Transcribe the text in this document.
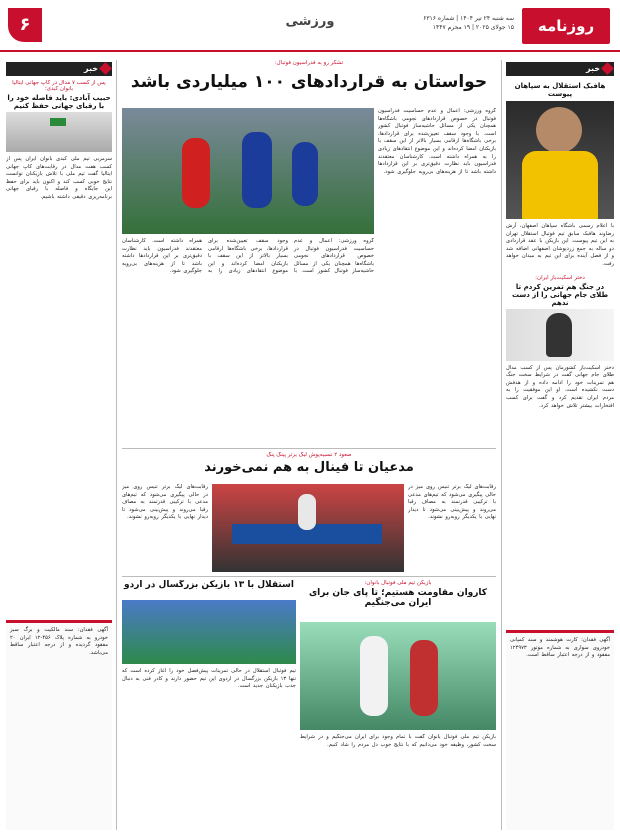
روزنامه
سه شنبه ۲۴ تیر ۱۴۰۴ | شماره ۶۳۱۶
۱۵ جولای ۲۰۲۵ | ۱۹ محرم ۱۴۴۷
ورزشی
۶
خبر
هافبک استقلال به سپاهان پیوست
با اعلام رسمی باشگاه سپاهان اصفهان، آرش رضاوند هافبک سابق تیم فوتبال استقلال تهران به این تیم پیوست. این بازیکن با عقد قراردادی دو ساله به جمع زردپوشان اصفهانی اضافه شد و از فصل آینده برای این تیم به میدان خواهد رفت.
دختر اسکیت‌باز ایران:
در جنگ هم تمرین کردم تا طلای جام جهانی را از دست ندهم
دختر اسکیت‌باز کشورمان پس از کسب مدال طلای جام جهانی گفت در شرایط سخت جنگ هم تمرینات خود را ادامه داده و از هدفش دست نکشیده است. او این موفقیت را به مردم ایران تقدیم کرد و گفت برای کسب افتخارات بیشتر تلاش خواهد کرد.
آگهی فقدان: کارت هوشمند و سند کمپانی خودروی سواری به شماره موتور ۱۲۴۹۷۳ مفقود و از درجه اعتبار ساقط است.
تشکر رو به فدراسیون فوتبال:
حواستان به قراردادهای ۱۰۰ میلیاردی باشد
گروه ورزشی: اعمال و عدم حساسیت فدراسیون فوتبال در خصوص قراردادهای نجومی باشگاه‌ها همچنان یکی از مسائل حاشیه‌ساز فوتبال کشور است. با وجود سقف تعیین‌شده برای قراردادها، برخی باشگاه‌ها ارقامی بسیار بالاتر از این سقف با بازیکنان امضا کرده‌اند و این موضوع انتقادهای زیادی را به همراه داشته است. کارشناسان معتقدند فدراسیون باید نظارت دقیق‌تری بر این قراردادها داشته باشد تا از هزینه‌های بی‌رویه جلوگیری شود.
گروه ورزشی: اعمال و عدم حساسیت فدراسیون فوتبال در خصوص قراردادهای نجومی باشگاه‌ها همچنان یکی از مسائل حاشیه‌ساز فوتبال کشور است. با وجود سقف تعیین‌شده برای قراردادها، برخی باشگاه‌ها ارقامی بسیار بالاتر از این سقف با بازیکنان امضا کرده‌اند و این موضوع انتقادهای زیادی را به همراه داشته است. کارشناسان معتقدند فدراسیون باید نظارت دقیق‌تری بر این قراردادها داشته باشد تا از هزینه‌های بی‌رویه جلوگیری شود.
صعود ۲ نسبیه‌پوش لیگ برتر پینگ پنگ
مدعیان تا فینال به هم نمی‌خورند
رقابت‌های لیگ برتر تنیس روی میز در حالی پیگیری می‌شود که تیم‌های مدعی با ترکیبی قدرتمند به مصاف رقبا می‌روند و پیش‌بینی می‌شود تا دیدار نهایی با یکدیگر روبه‌رو نشوند.
رقابت‌های لیگ برتر تنیس روی میز در حالی پیگیری می‌شود که تیم‌های مدعی با ترکیبی قدرتمند به مصاف رقبا می‌روند و پیش‌بینی می‌شود تا دیدار نهایی با یکدیگر روبه‌رو نشوند.
بازیکن تیم ملی فوتبال بانوان:
کاروان مقاومت هستیم؛ تا پای جان برای ایران می‌جنگیم
بازیکن تیم ملی فوتبال بانوان گفت با تمام وجود برای ایران می‌جنگیم و در شرایط سخت کشور، وظیفه خود می‌دانیم که با نتایج خوب دل مردم را شاد کنیم.
استقلال با ۱۳ بازیکن بزرگسال در اردو
تیم فوتبال استقلال در حالی تمرینات پیش‌فصل خود را آغاز کرده است که تنها ۱۳ بازیکن بزرگسال در اردوی این تیم حضور دارند و کادر فنی به دنبال جذب بازیکنان جدید است.
خبر
پس از کسب ۷ مدال در کاپ جهانی ایتالیا بانوان کبدی؛
حبیب آبادی: باید فاصله خود را با رقبای جهانی حفظ کنیم
سرمربی تیم ملی کبدی بانوان ایران پس از کسب هفت مدال در رقابت‌های کاپ جهانی ایتالیا گفت تیم ملی با تلاش بازیکنان توانست نتایج خوبی کسب کند و اکنون باید برای حفظ این جایگاه و فاصله با رقبای جهانی برنامه‌ریزی دقیقی داشته باشیم.
آگهی فقدان: سند مالکیت و برگ سبز خودرو به شماره پلاک ۴۵۶-۱۲ ایران ۲۰ مفقود گردیده و از درجه اعتبار ساقط می‌باشد.
